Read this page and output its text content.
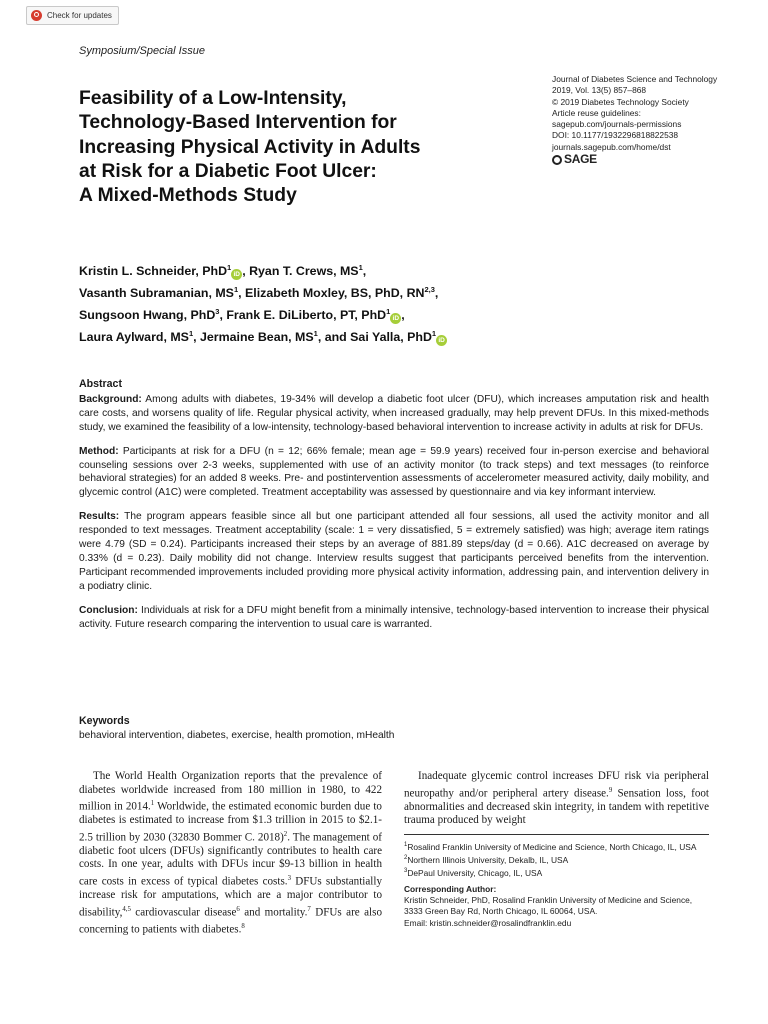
Check for updates
Symposium/Special Issue
Feasibility of a Low-Intensity,
Technology-Based Intervention for
Increasing Physical Activity in Adults
at Risk for a Diabetic Foot Ulcer:
A Mixed-Methods Study
Journal of Diabetes Science and Technology
2019, Vol. 13(5) 857–868
© 2019 Diabetes Technology Society
Article reuse guidelines:
sagepub.com/journals-permissions
DOI: 10.1177/1932296818822538
journals.sagepub.com/home/dst
SAGE
Kristin L. Schneider, PhD$^1$iD , Ryan T. Crews, $MS^1$,
Vasanth Subramanian, $MS^1$, Elizabeth Moxley, BS, PhD, RN$^{2,3}$,
Sungsoon Hwang, PhD$^3$, Frank E. DiLiberto, PT, PhD$^1$iD ,
Laura Aylward, $MS^1$, Jermaine Bean, $MS^1$, and Sai Yalla, PhD$^1$iD
Abstract

Background: Among adults with diabetes, 19-34% will develop a diabetic foot ulcer (DFU), which increases amputation risk and health care costs, and worsens quality of life. Regular physical activity, when increased gradually, may help prevent DFUs. In this mixed-methods study, we examined the feasibility of a low-intensity, technology-based behavioral intervention to increase activity in adults at risk for DFUs.

Method: Participants at risk for a DFU (n = 12; 66% female; mean age = 59.9 years) received four in-person exercise and behavioral counseling sessions over 2-3 weeks, supplemented with use of an activity monitor (to track steps) and text messages (to reinforce behavioral strategies) for an added 8 weeks. Pre- and postintervention assessments of accelerometer measured activity, daily mobility, and glycemic control (A1C) were completed. Treatment acceptability was assessed by questionnaire and via key informant interview.

Results: The program appears feasible since all but one participant attended all four sessions, all used the activity monitor and all responded to text messages. Treatment acceptability (scale: 1 = very dissatisfied, 5 = extremely satisfied) was high; average item ratings were 4.79 (SD = 0.24). Participants increased their steps by an average of 881.89 steps/day (d = 0.66). A1C decreased on average by 0.33% (d = 0.23). Daily mobility did not change. Interview results suggest that participants perceived benefits from the intervention. Participant recommended improvements included providing more physical activity information, addressing pain, and intervention delivery in a podiatry clinic.

Conclusion: Individuals at risk for a DFU might benefit from a minimally intensive, technology-based intervention to increase their physical activity. Future research comparing the intervention to usual care is warranted.

Keywords
behavioral intervention, diabetes, exercise, health promotion, mHealth

The World Health Organization reports that the prevalence of diabetes worldwide increased from 180 million in 1980, to 422 million in 2014.$^1$ Worldwide, the estimated economic burden due to diabetes is estimated to increase from $1.3 trillion in 2015 to $2.1-2.5 trillion by 2030 (32830 Bommer C. 2018)$^2$. The management of diabetic foot ulcers (DFUs) significantly contributes to health care costs. In one year, adults with DFUs incur $9-13 billion in health care costs in excess of typical diabetes costs.$^3$ DFUs substantially increase risk for amputations, which are a major contributor to disability,$^{4,5}$ cardiovascular disease$^6$ and mortality.$^7$ DFUs are also concerning to patients with diabetes.$^8$

Inadequate glycemic control increases DFU risk via peripheral neuropathy and/or peripheral artery disease.$^9$ Sensation loss, foot abnormalities and decreased skin integrity, in tandem with repetitive trauma produced by weight

$^1$Rosalind Franklin University of Medicine and Science, North Chicago, IL, USA
$^2$Northern Illinois University, Dekalb, IL, USA
$^3$DePaul University, Chicago, IL, USA
Corresponding Author:
Kristin Schneider, PhD, Rosalind Franklin University of Medicine and Science, 3333 Green Bay Rd, North Chicago, IL 60064, USA.
Email: kristin.schneider@rosalindfranklin.edu
